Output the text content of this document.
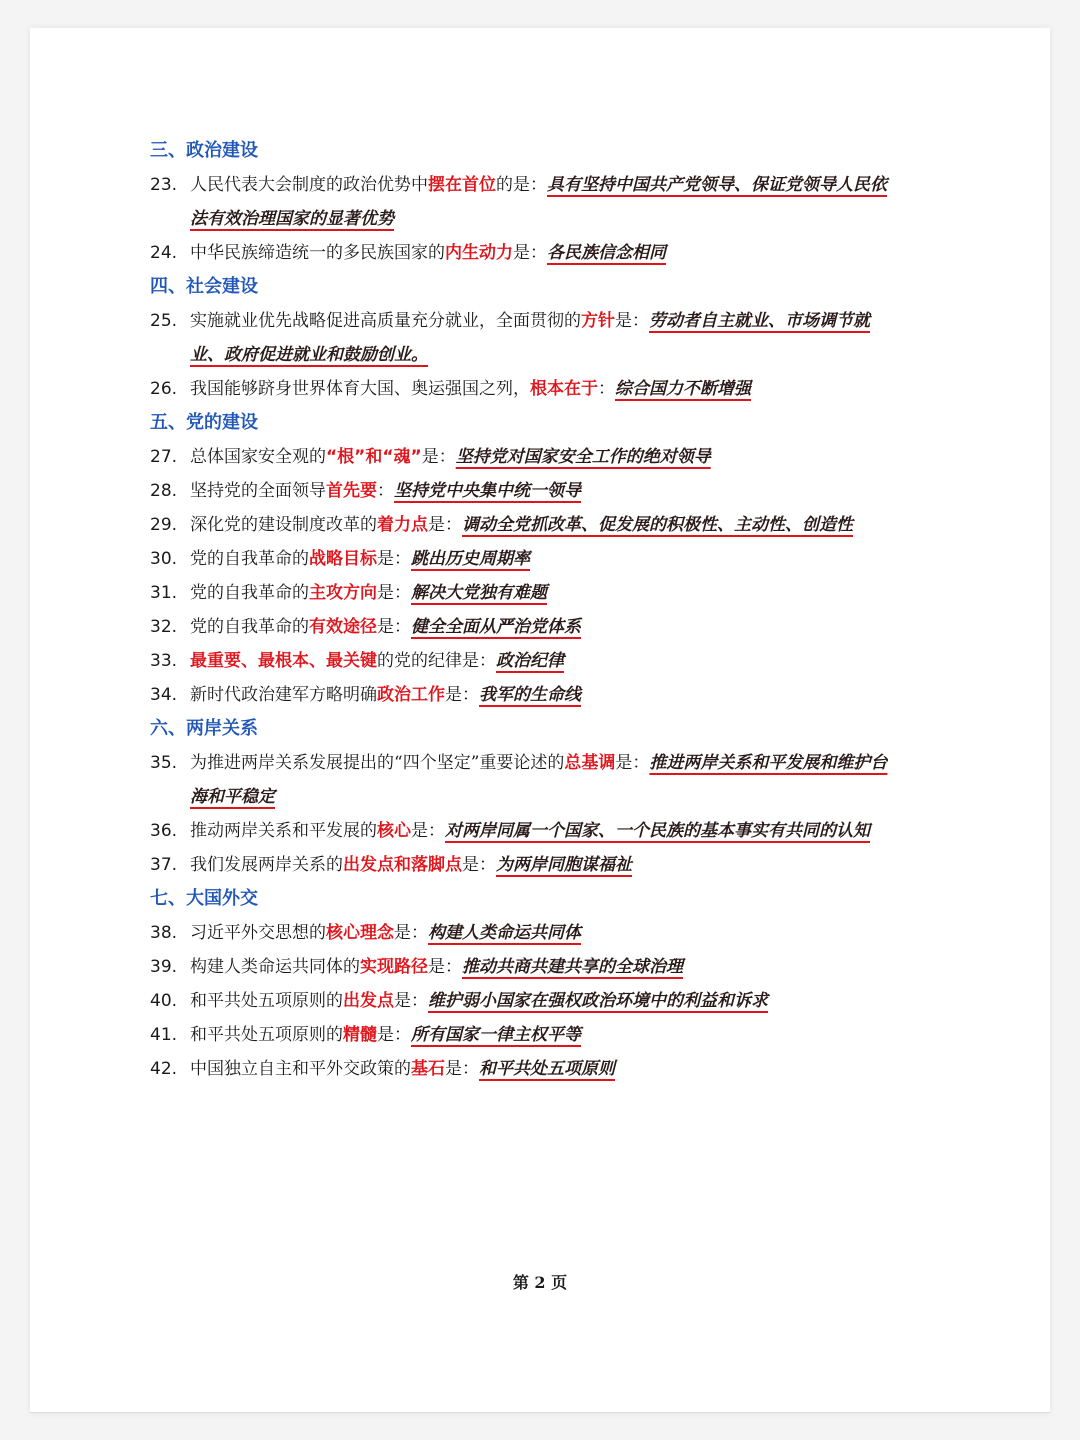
三、政治建设
23. 人民代表大会制度的政治优势中摆在首位的是：具有坚持中国共产党领导、保证党领导人民依法有效治理国家的显著优势
24. 中华民族缔造统一的多民族国家的内生动力是：各民族信念相同
四、社会建设
25. 实施就业优先战略促进高质量充分就业，全面贯彻的方针是：劳动者自主就业、市场调节就业、政府促进就业和鼓励创业。
26. 我国能够跻身世界体育大国、奥运强国之列，根本在于：综合国力不断增强
五、党的建设
27. 总体国家安全观的“根”和“魂”是：坚持党对国家安全工作的绝对领导
28. 坚持党的全面领导首先要：坚持党中央集中统一领导
29. 深化党的建设制度改革的着力点是：调动全党抓改革、促发展的积极性、主动性、创造性
30. 党的自我革命的战略目标是：跳出历史周期率
31. 党的自我革命的主攻方向是：解决大党独有难题
32. 党的自我革命的有效途径是：健全全面从严治党体系
33. 最重要、最根本、最关键的党的纪律是：政治纪律
34. 新时代政治建军方略明确政治工作是：我军的生命线
六、两岸关系
35. 为推进两岸关系发展提出的“四个坚定”重要论述的总基调是：推进两岸关系和平发展和维护台海和平稳定
36. 推动两岸关系和平发展的核心是：对两岸同属一个国家、一个民族的基本事实有共同的认知
37. 我们发展两岸关系的出发点和落脚点是：为两岸同胞谋福祉
七、大国外交
38. 习近平外交思想的核心理念是：构建人类命运共同体
39. 构建人类命运共同体的实现路径是：推动共商共建共享的全球治理
40. 和平共处五项原则的出发点是：维护弱小国家在强权政治环境中的利益和诉求
41. 和平共处五项原则的精髓是：所有国家一律主权平等
42. 中国独立自主和平外交政策的基石是：和平共处五项原则
第 2 页
